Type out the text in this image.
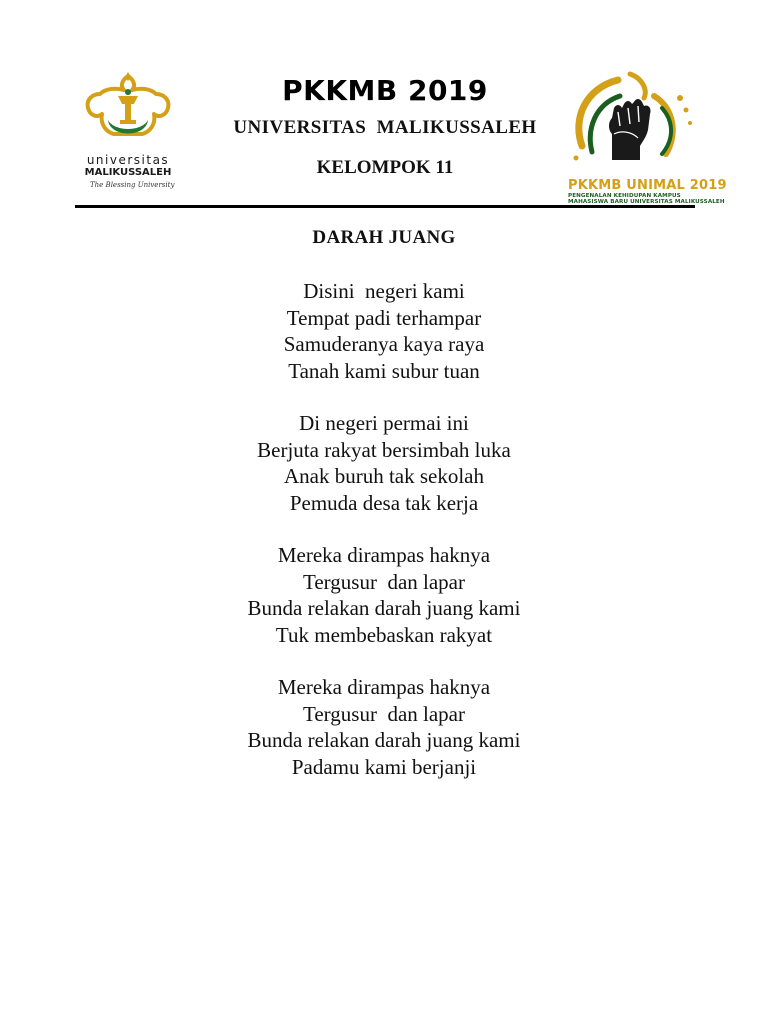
universitas
MALIKUSSALEH
The Blessing University
PKKMB 2019
UNIVERSITAS  MALIKUSSALEH
KELOMPOK 11
PKKMB UNIMAL 2019
PENGENALAN KEHIDUPAN KAMPUS
MAHASISWA BARU UNIVERSITAS MALIKUSSALEH
DARAH JUANG
Disini  negeri kami
Tempat padi terhampar
Samuderanya kaya raya
Tanah kami subur tuan
Di negeri permai ini
Berjuta rakyat bersimbah luka
Anak buruh tak sekolah
Pemuda desa tak kerja
Mereka dirampas haknya
Tergusur  dan lapar
Bunda relakan darah juang kami
Tuk membebaskan rakyat
Mereka dirampas haknya
Tergusur  dan lapar
Bunda relakan darah juang kami
Padamu kami berjanji
